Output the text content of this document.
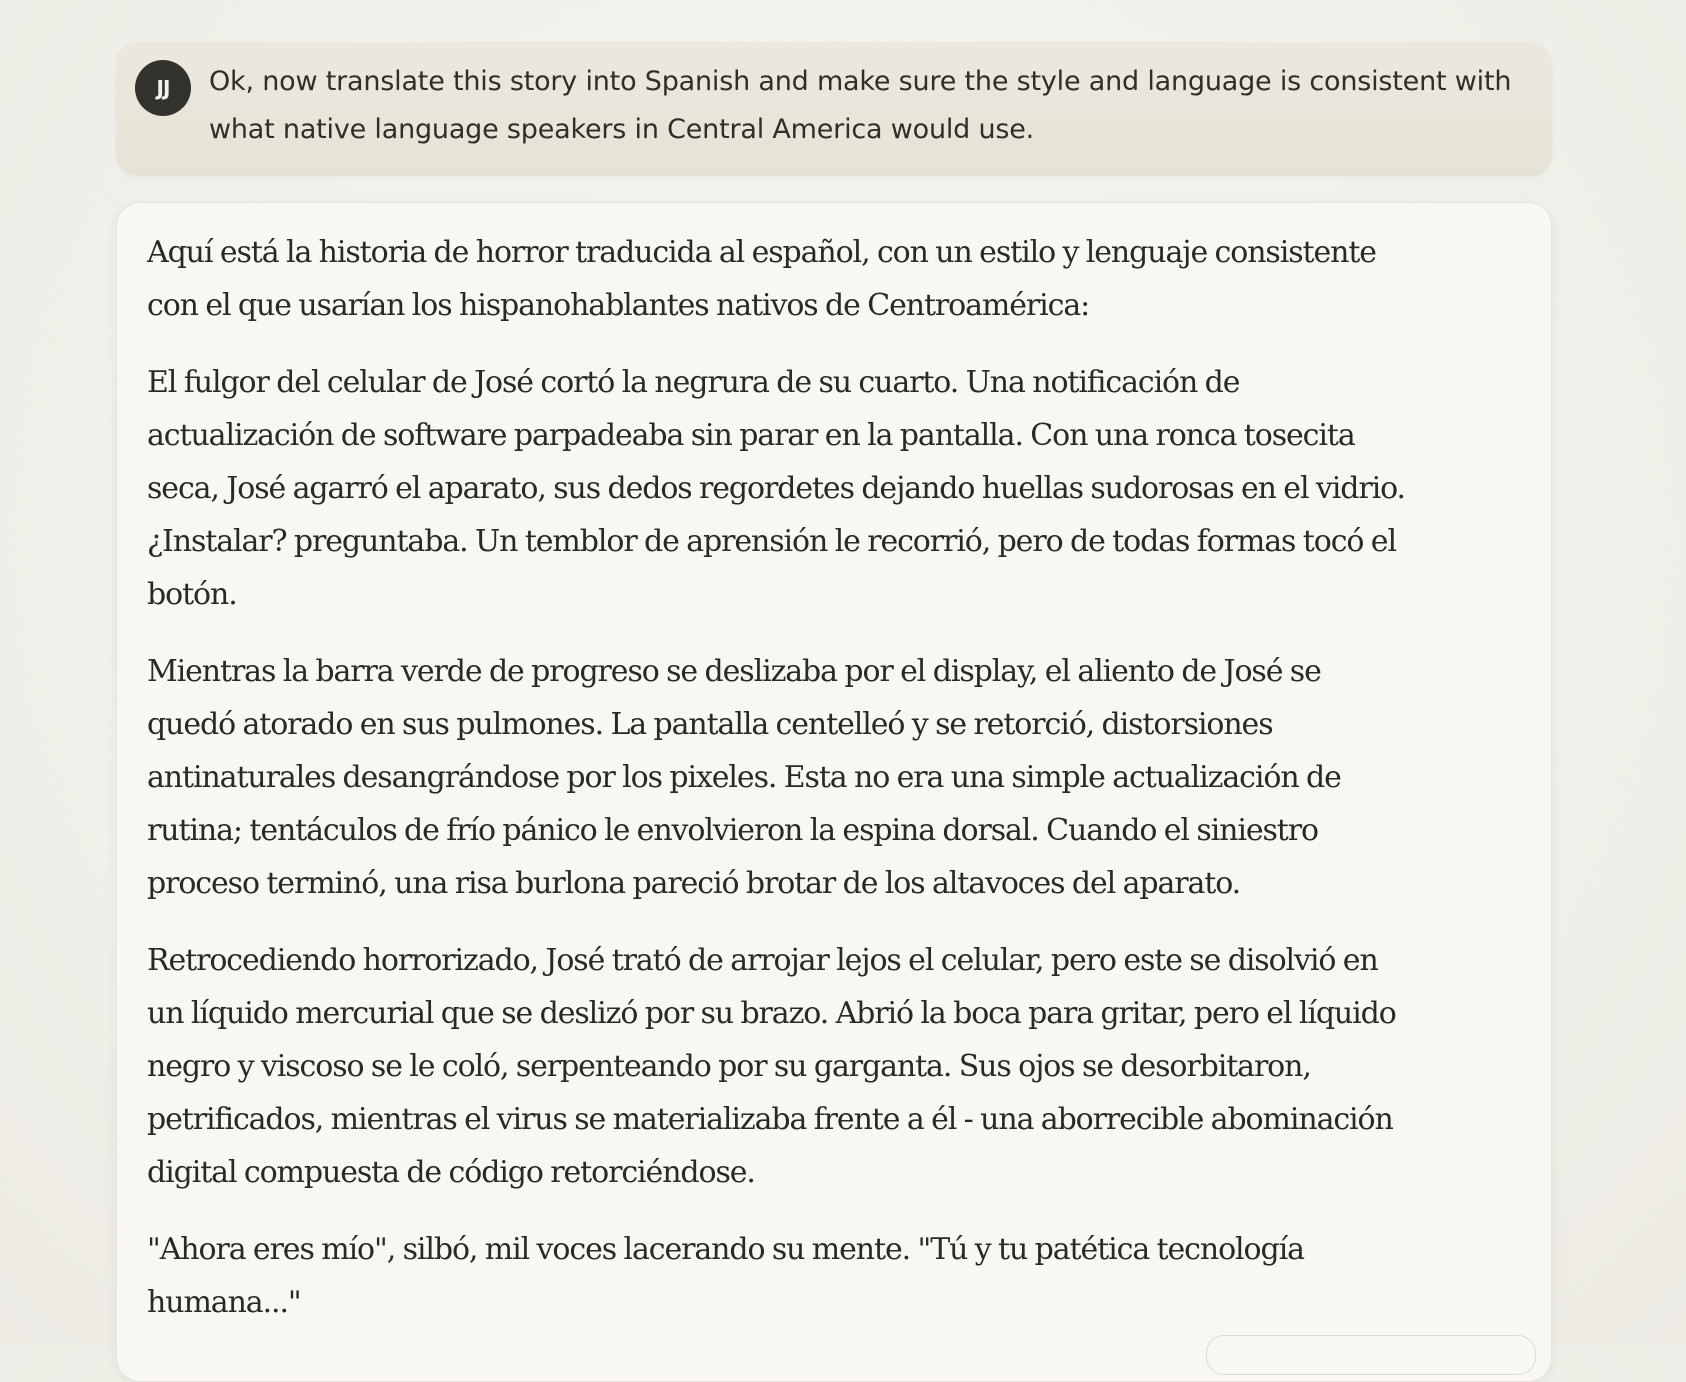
JJ	Ok, now translate this story into Spanish and make sure the style and language is consistent with what native language speakers in Central America would use.

Aquí está la historia de horror traducida al español, con un estilo y lenguaje consistente con el que usarían los hispanohablantes nativos de Centroamérica:

El fulgor del celular de José cortó la negrura de su cuarto. Una notificación de actualización de software parpadeaba sin parar en la pantalla. Con una ronca tosecita seca, José agarró el aparato, sus dedos regordetes dejando huellas sudorosas en el vidrio. ¿Instalar? preguntaba. Un temblor de aprensión le recorrió, pero de todas formas tocó el botón.

Mientras la barra verde de progreso se deslizaba por el display, el aliento de José se quedó atorado en sus pulmones. La pantalla centelleó y se retorció, distorsiones antinaturales desangrándose por los pixeles. Esta no era una simple actualización de rutina; tentáculos de frío pánico le envolvieron la espina dorsal. Cuando el siniestro proceso terminó, una risa burlona pareció brotar de los altavoces del aparato.

Retrocediendo horrorizado, José trató de arrojar lejos el celular, pero este se disolvió en un líquido mercurial que se deslizó por su brazo. Abrió la boca para gritar, pero el líquido negro y viscoso se le coló, serpenteando por su garganta. Sus ojos se desorbitaron, petrificados, mientras el virus se materializaba frente a él - una aborrecible abominación digital compuesta de código retorciéndose.

"Ahora eres mío", silbó, mil voces lacerando su mente. "Tú y tu patética tecnología humana..."
